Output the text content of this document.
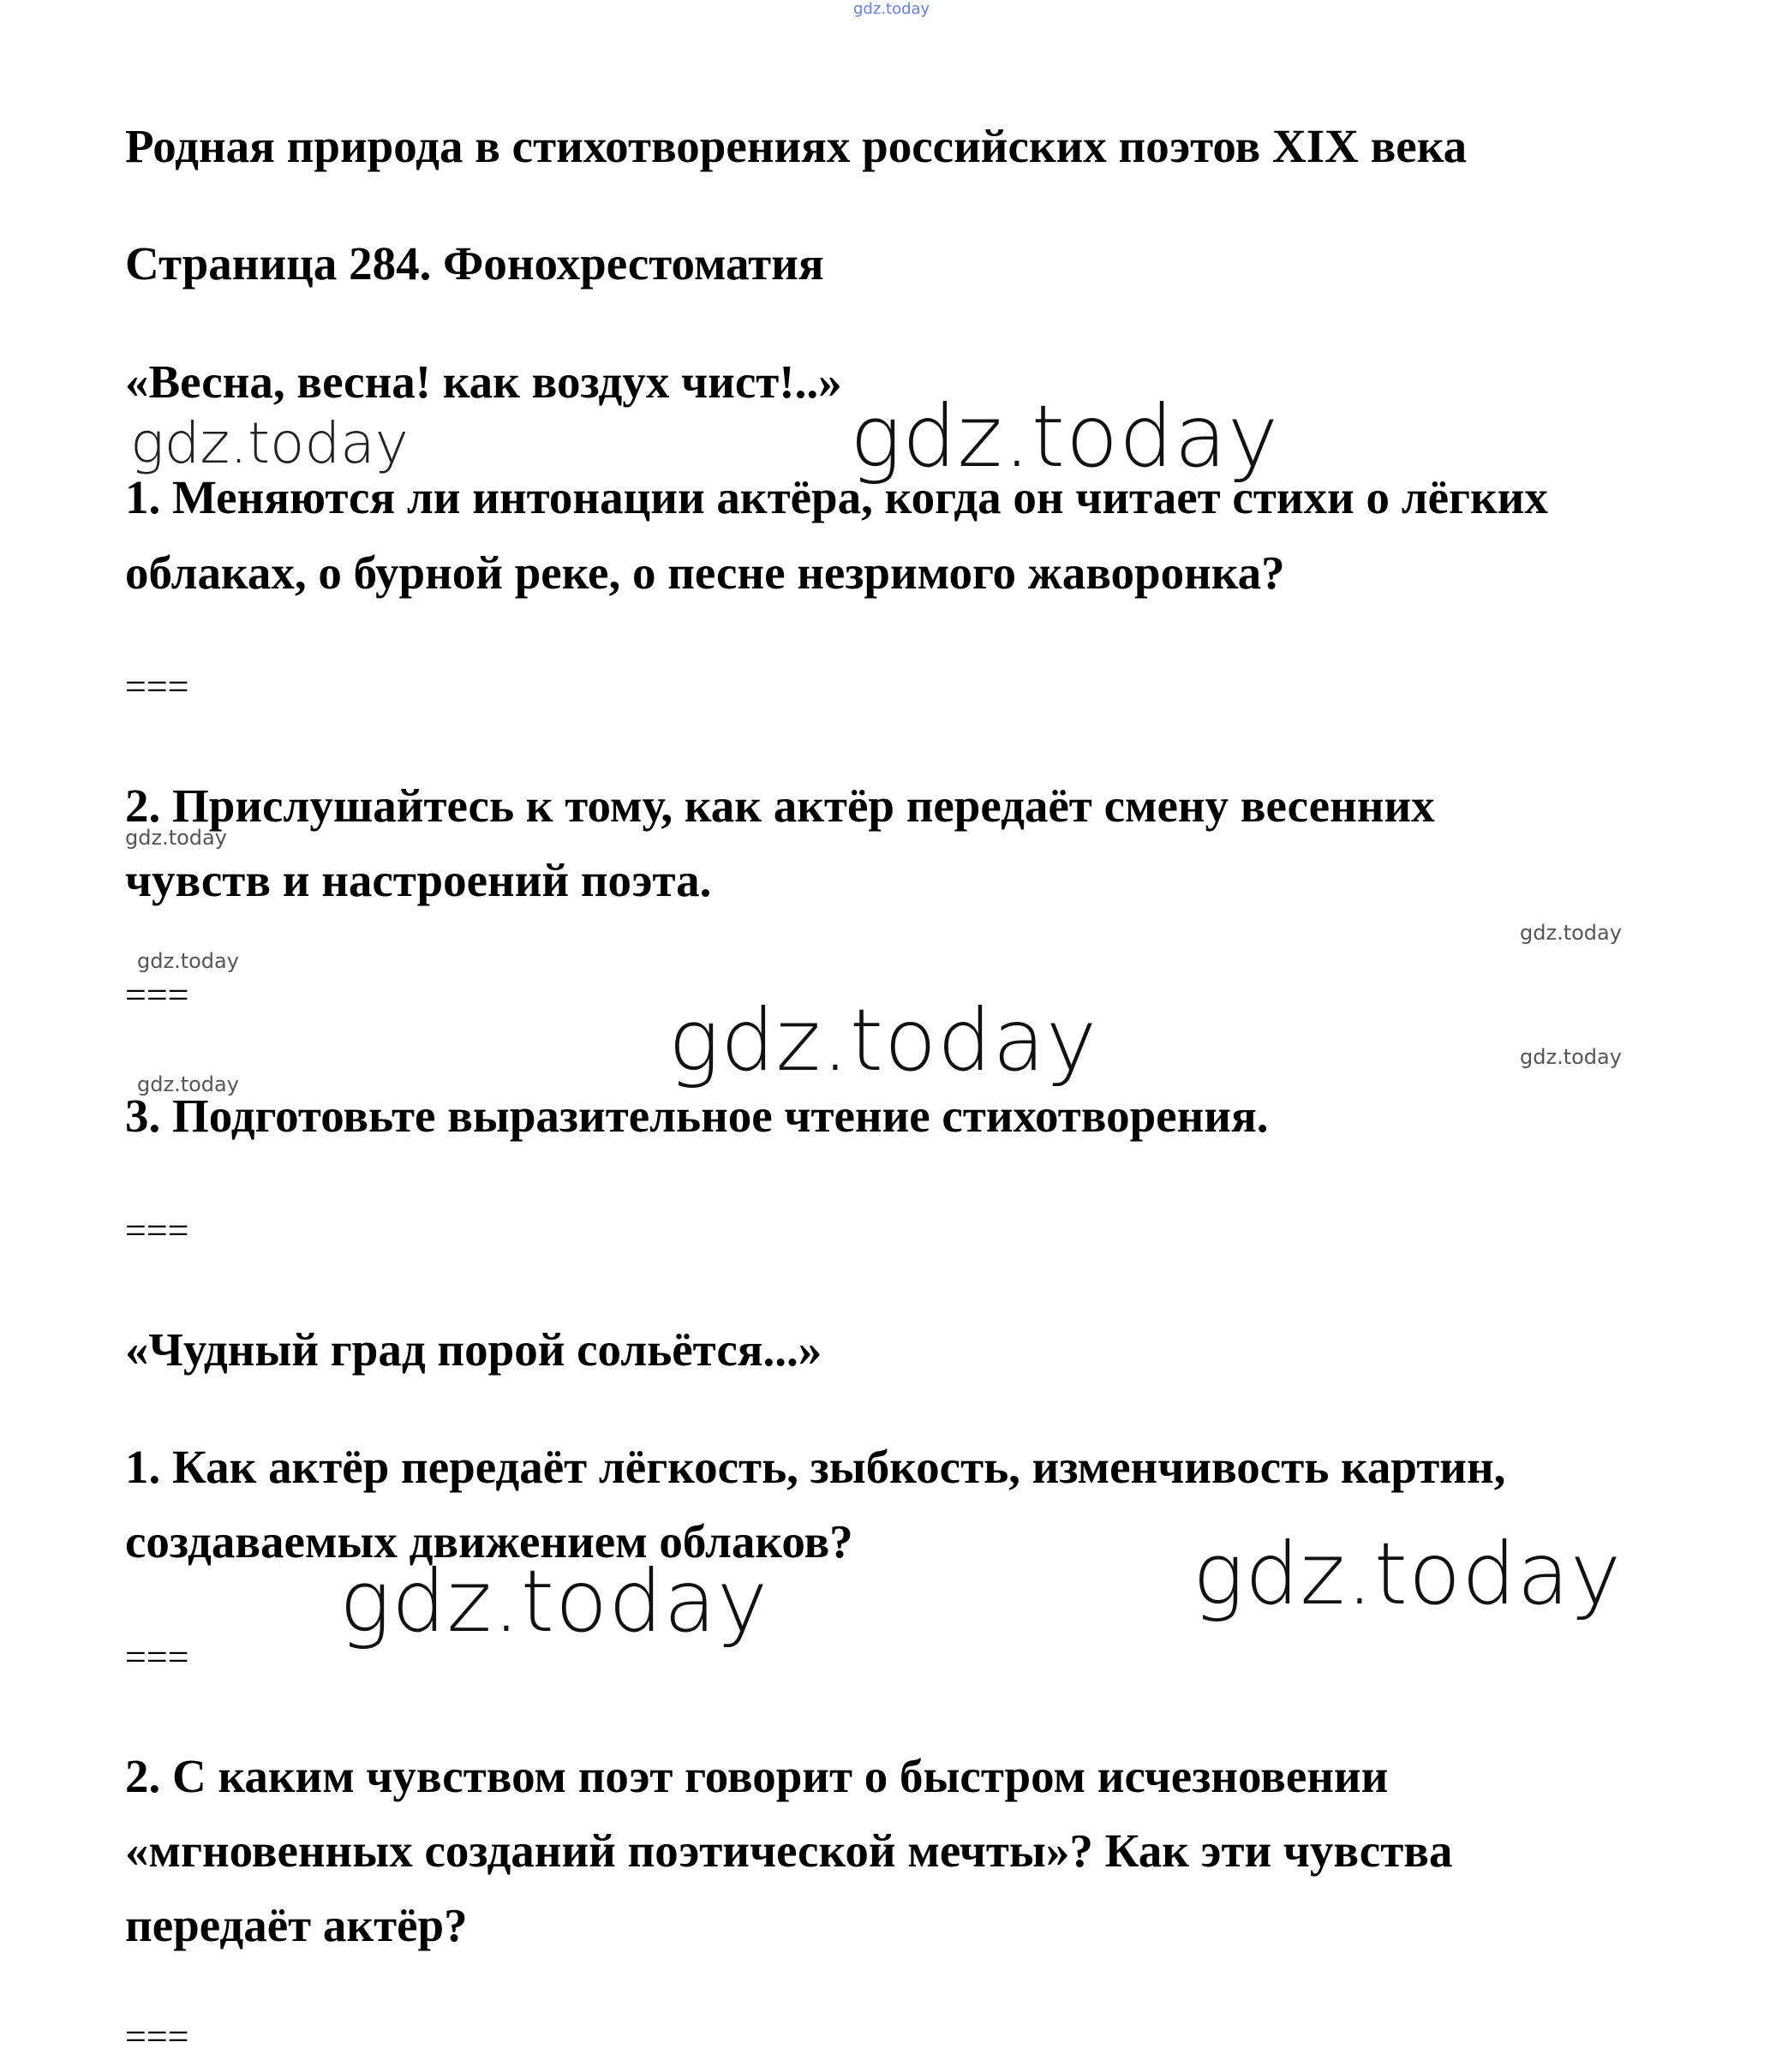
gdz.today

Родная природа в стихотворениях российских поэтов XIX века

Страница 284. Фонохрестоматия

«Весна, весна! как воздух чист!..»

gdz.today	gdz.today

1. Меняются ли интонации актёра, когда он читает стихи о лёгких

облаках, о бурной реке, о песне незримого жаворонка?

===

2. Прислушайтесь к тому, как актёр передаёт смену весенних

gdz.today

чувств и настроений поэта.

gdz.today
gdz.today

===	gdz.today	gdz.today
gdz.today

3. Подготовьте выразительное чтение стихотворения.

===

«Чудный град порой сольётся...»

1. Как актёр передаёт лёгкость, зыбкость, изменчивость картин,

создаваемых движением облаков?	gdz.today
gdz.today

===

2. С каким чувством поэт говорит о быстром исчезновении

«мгновенных созданий поэтической мечты»? Как эти чувства

передаёт актёр?

===
